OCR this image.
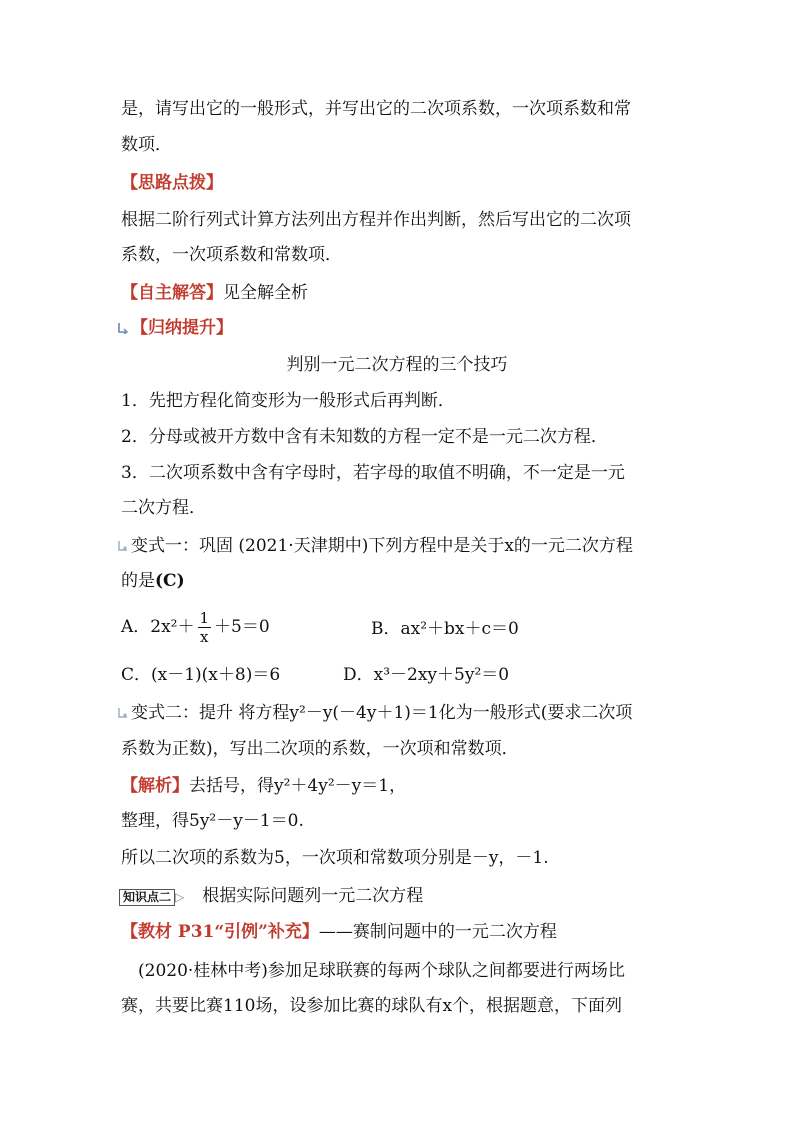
是，请写出它的一般形式，并写出它的二次项系数，一次项系数和常
数项．
【思路点拨】
根据二阶行列式计算方法列出方程并作出判断，然后写出它的二次项
系数，一次项系数和常数项．
【自主解答】见全解全析
【归纳提升】
判别一元二次方程的三个技巧
1．先把方程化简变形为一般形式后再判断．
2．分母或被开方数中含有未知数的方程一定不是一元二次方程．
3．二次项系数中含有字母时，若字母的取值不明确，不一定是一元
二次方程．
变式一：巩固 (2021·天津期中)下列方程中是关于x的一元二次方程
的是(C)
A．$2x^2+ \frac{1}{x} +5=0$	B．ax²＋bx＋c＝0
C．(x－1)(x＋8)＝6	D．x³－2xy＋5y²＝0
变式二：提升 将方程y²－y(－4y＋1)＝1化为一般形式(要求二次项
系数为正数)，写出二次项的系数，一次项和常数项．
【解析】去括号，得y²＋4y²－y＝1，
整理，得5y²－y－1＝0.
所以二次项的系数为5，一次项和常数项分别是－y，－1.
知识点二 ▷ 根据实际问题列一元二次方程
【教材 P31“引例”补充】——赛制问题中的一元二次方程
(2020·桂林中考)参加足球联赛的每两个球队之间都要进行两场比
赛，共要比赛110场，设参加比赛的球队有x个，根据题意，下面列
